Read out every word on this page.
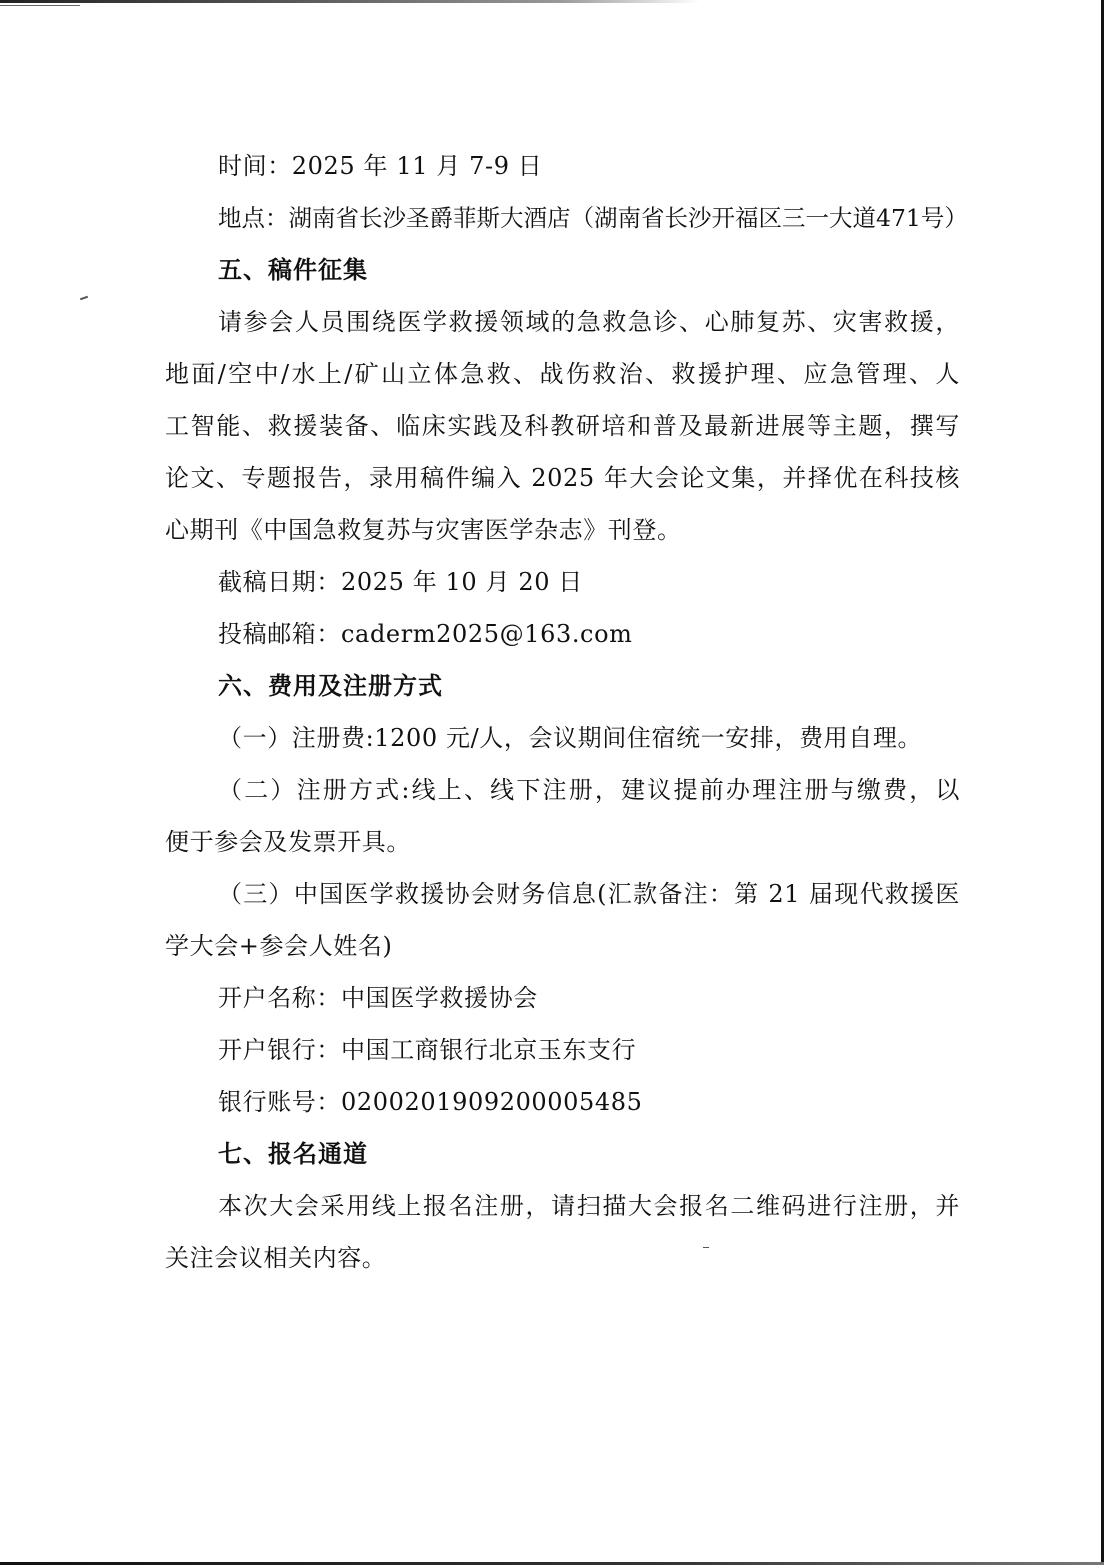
时间：2025 年 11 月 7-9 日
地点：湖南省长沙圣爵菲斯大酒店（湖南省长沙开福区三一大道471号）
五、稿件征集
请参会人员围绕医学救援领域的急救急诊、心肺复苏、灾害救援，
地面/空中/水上/矿山立体急救、战伤救治、救援护理、应急管理、人
工智能、救援装备、临床实践及科教研培和普及最新进展等主题，撰写
论文、专题报告，录用稿件编入 2025 年大会论文集，并择优在科技核
心期刊《中国急救复苏与灾害医学杂志》刊登。
截稿日期：2025 年 10 月 20 日
投稿邮箱：caderm2025@163.com
六、费用及注册方式
（一）注册费:1200 元/人，会议期间住宿统一安排，费用自理。
（二）注册方式:线上、线下注册，建议提前办理注册与缴费，以
便于参会及发票开具。
（三）中国医学救援协会财务信息(汇款备注：第 21 届现代救援医
学大会+参会人姓名)
开户名称：中国医学救援协会
开户银行：中国工商银行北京玉东支行
银行账号：0200201909200005485
七、报名通道
本次大会采用线上报名注册，请扫描大会报名二维码进行注册，并
关注会议相关内容。
